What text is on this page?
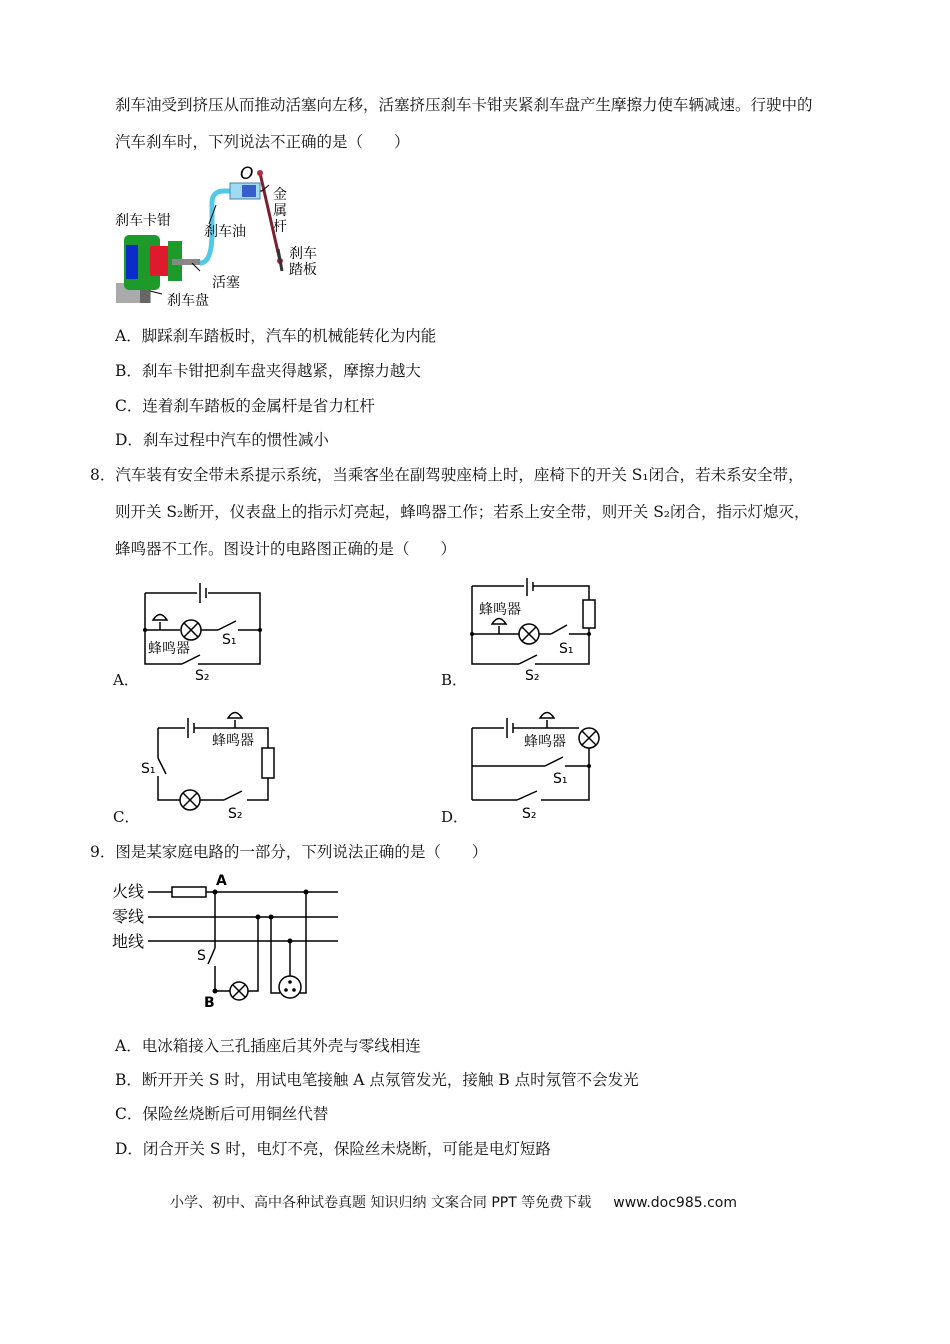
刹车油受到挤压从而推动活塞向左移，活塞挤压刹车卡钳夹紧刹车盘产生摩擦力使车辆减速。行驶中的
汽车刹车时，下列说法不正确的是（　　）
O
刹车卡钳
刹车油
金
属
杆
活塞
刹车盘
刹车
踏板
A．脚踩刹车踏板时，汽车的机械能转化为内能
B．刹车卡钳把刹车盘夹得越紧，摩擦力越大
C．连着刹车踏板的金属杆是省力杠杆
D．刹车过程中汽车的惯性减小
8．汽车装有安全带未系提示系统，当乘客坐在副驾驶座椅上时，座椅下的开关 S₁闭合，若未系安全带，
则开关 S₂断开，仪表盘上的指示灯亮起，蜂鸣器工作；若系上安全带，则开关 S₂闭合，指示灯熄灭，
蜂鸣器不工作。图设计的电路图正确的是（　　）
蜂鸣器
S₁
S₂
A．
蜂鸣器
S₁
S₂
B．
蜂鸣器
S₁
S₂
C．
蜂鸣器
S₁
S₂
D．
9．图是某家庭电路的一部分，下列说法正确的是（　　）
火线
零线
地线
A
S
B
A．电冰箱接入三孔插座后其外壳与零线相连
B．断开开关 S 时，用试电笔接触 A 点氖管发光，接触 B 点时氖管不会发光
C．保险丝烧断后可用铜丝代替
D．闭合开关 S 时，电灯不亮，保险丝未烧断，可能是电灯短路
小学、初中、高中各种试卷真题 知识归纳 文案合同 PPT 等免费下载 www.doc985.com
